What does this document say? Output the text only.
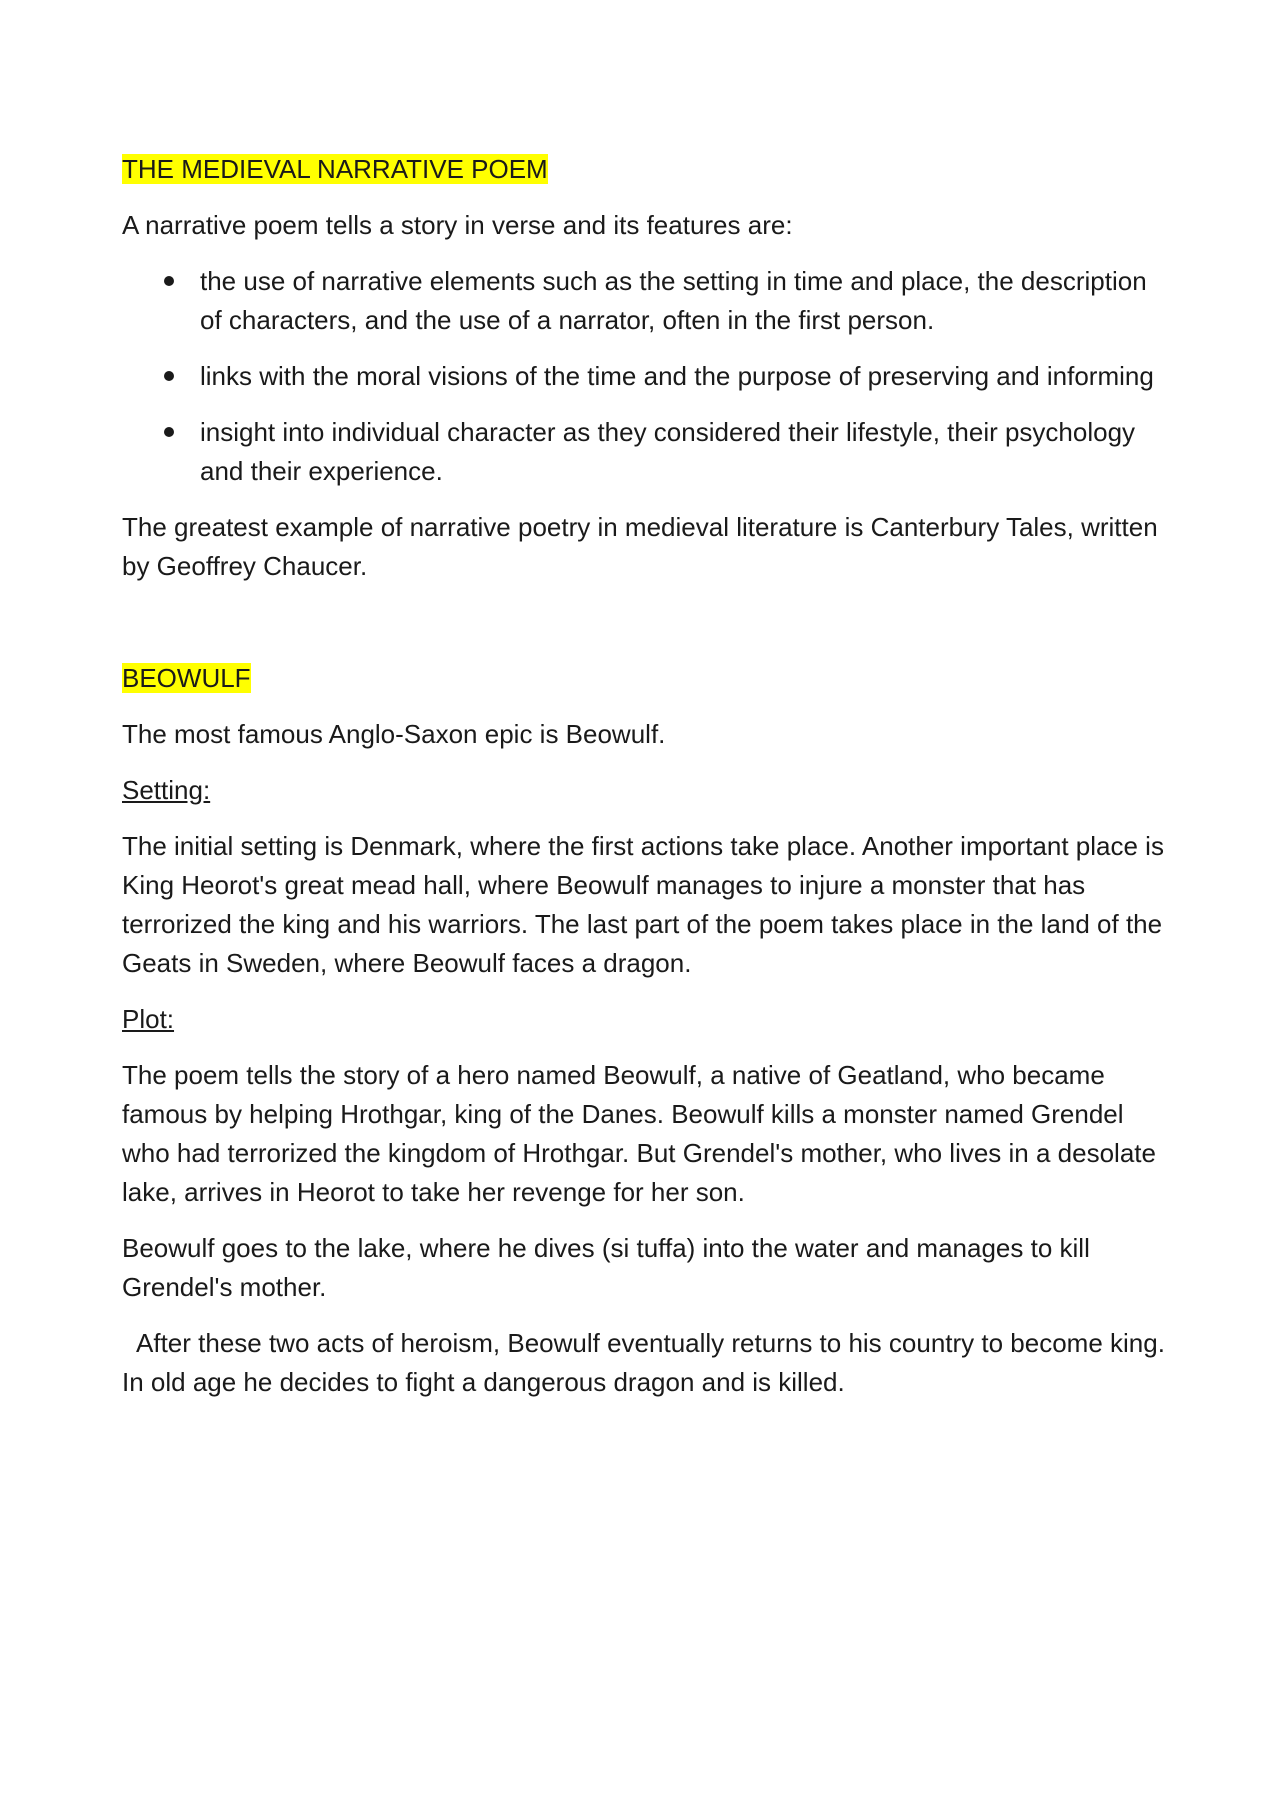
THE MEDIEVAL NARRATIVE POEM

A narrative poem tells a story in verse and its features are:

the use of narrative elements such as the setting in time and place, the description of characters, and the use of a narrator, often in the first person.
links with the moral visions of the time and the purpose of preserving and informing
insight into individual character as they considered their lifestyle, their psychology and their experience.

The greatest example of narrative poetry in medieval literature is Canterbury Tales, written by Geoffrey Chaucer.

BEOWULF

The most famous Anglo-Saxon epic is Beowulf.

Setting:

The initial setting is Denmark, where the first actions take place. Another important place is King Heorot's great mead hall, where Beowulf manages to injure a monster that has terrorized the king and his warriors. The last part of the poem takes place in the land of the Geats in Sweden, where Beowulf faces a dragon.

Plot:

The poem tells the story of a hero named Beowulf, a native of Geatland, who became famous by helping Hrothgar, king of the Danes. Beowulf kills a monster named Grendel who had terrorized the kingdom of Hrothgar. But Grendel's mother, who lives in a desolate lake, arrives in Heorot to take her revenge for her son.

Beowulf goes to the lake, where he dives (si tuffa) into the water and manages to kill Grendel's mother.

After these two acts of heroism, Beowulf eventually returns to his country to become king. In old age he decides to fight a dangerous dragon and is killed.
